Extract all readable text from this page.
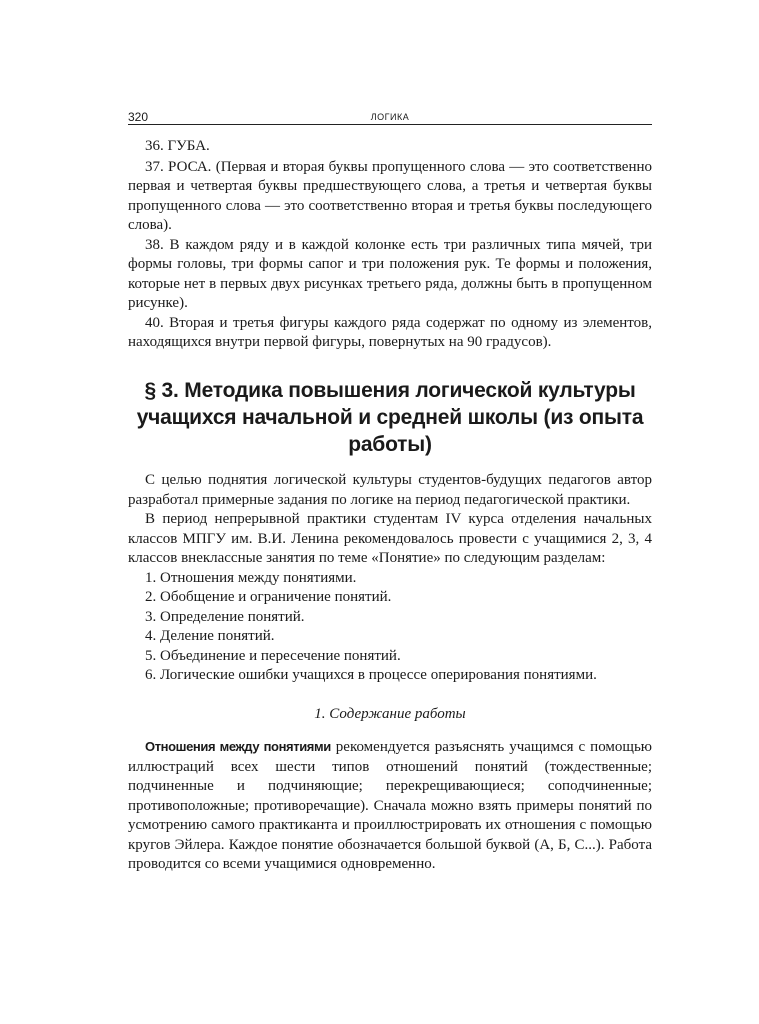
320	ЛОГИКА

36. ГУБА.

37. РОСА. (Первая и вторая буквы пропущенного слова — это соответственно первая и четвертая буквы предшествующего слова, а третья и четвертая буквы пропущенного слова — это соответственно вторая и третья буквы последующего слова).

38. В каждом ряду и в каждой колонке есть три различных типа мячей, три формы головы, три формы сапог и три положения рук. Те формы и положения, которые нет в первых двух рисунках третьего ряда, должны быть в пропущенном рисунке).

40. Вторая и третья фигуры каждого ряда содержат по одному из элементов, находящихся внутри первой фигуры, повернутых на 90 градусов).

§ 3. Методика повышения логической культуры учащихся начальной и средней школы (из опыта работы)

С целью поднятия логической культуры студентов-будущих педагогов автор разработал примерные задания по логике на период педагогической практики.

В период непрерывной практики студентам IV курса отделения начальных классов МПГУ им. В.И. Ленина рекомендовалось провести с учащимися 2, 3, 4 классов внеклассные занятия по теме «Понятие» по следующим разделам:

1. Отношения между понятиями.
2. Обобщение и ограничение понятий.
3. Определение понятий.
4. Деление понятий.
5. Объединение и пересечение понятий.
6. Логические ошибки учащихся в процессе оперирования понятиями.
1. Содержание работы

Отношения между понятиями рекомендуется разъяснять учащимся с помощью иллюстраций всех шести типов отношений понятий (тождественные; подчиненные и подчиняющие; перекрещивающиеся; соподчиненные; противоположные; противоречащие). Сначала можно взять примеры понятий по усмотрению самого практиканта и проиллюстрировать их отношения с помощью кругов Эйлера. Каждое понятие обозначается большой буквой (А, Б, С...). Работа проводится со всеми учащимися одновременно.
